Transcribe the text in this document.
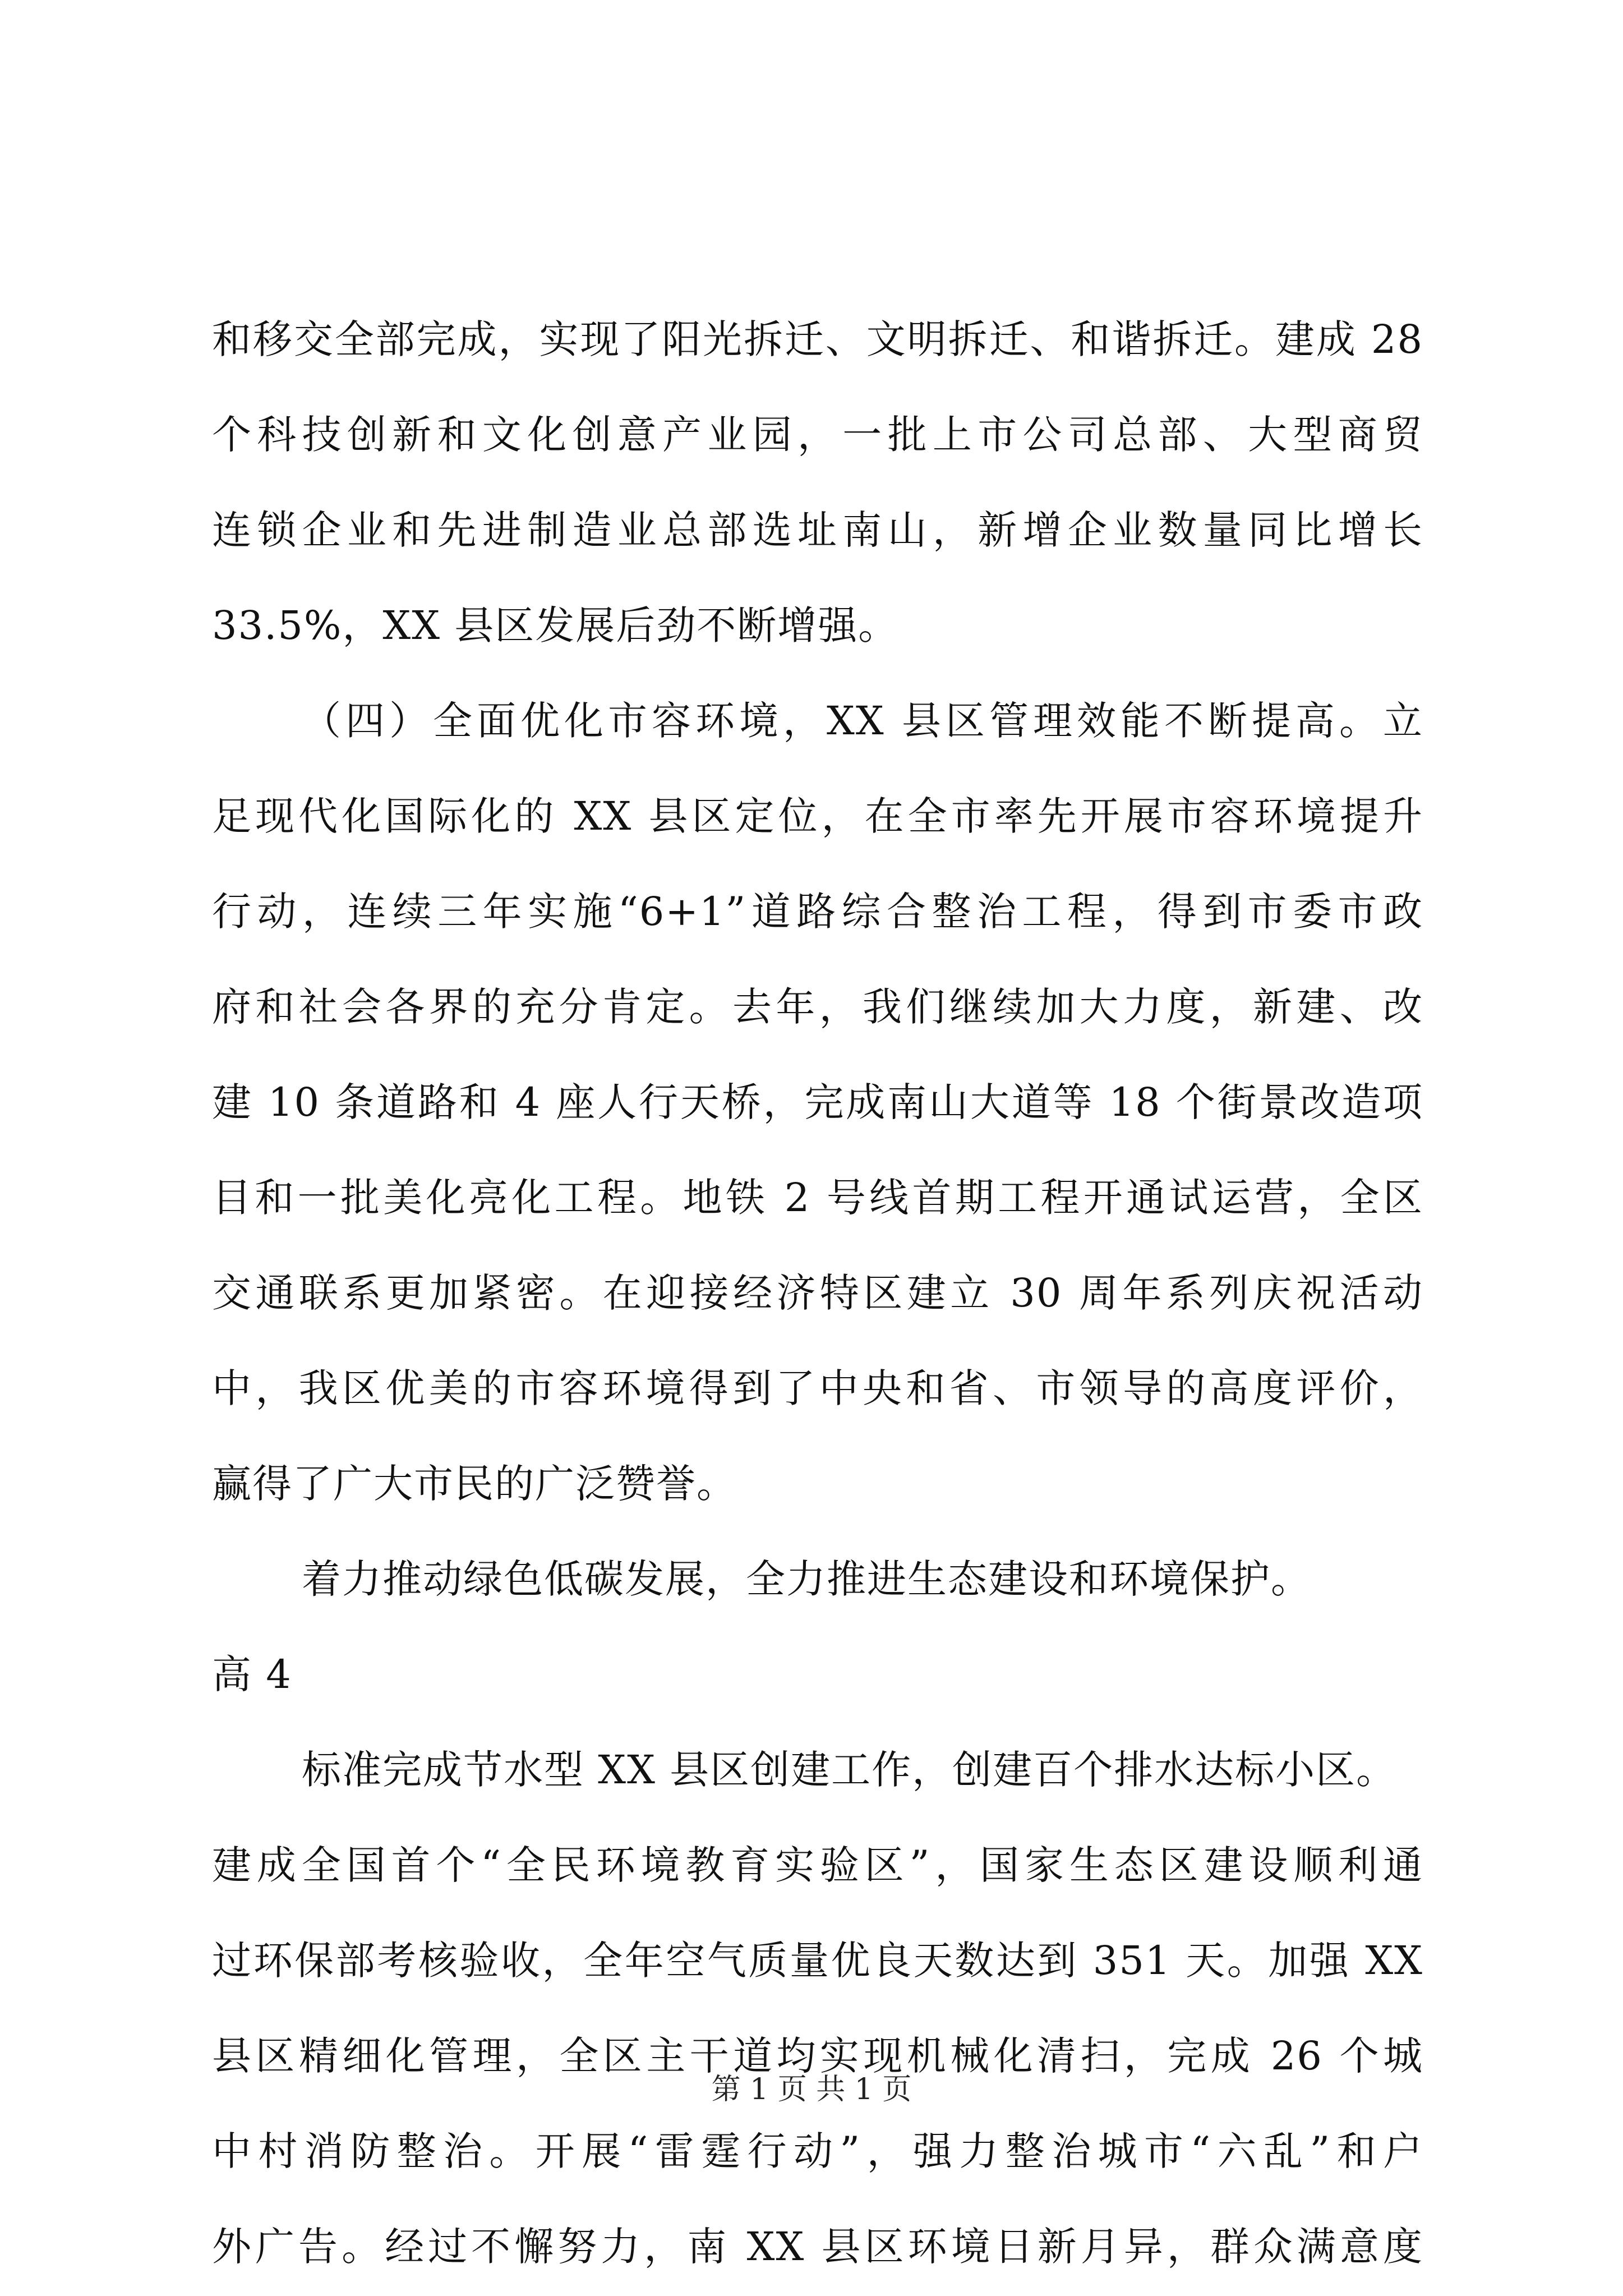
和移交全部完成，实现了阳光拆迁、文明拆迁、和谐拆迁。建成 28
个科技创新和文化创意产业园，一批上市公司总部、大型商贸
连锁企业和先进制造业总部选址南山，新增企业数量同比增长
33.5%，XX 县区发展后劲不断增强。
（四）全面优化市容环境，XX 县区管理效能不断提高。立
足现代化国际化的 XX 县区定位，在全市率先开展市容环境提升
行动，连续三年实施“6+1”道路综合整治工程，得到市委市政
府和社会各界的充分肯定。去年，我们继续加大力度，新建、改
建 10 条道路和 4 座人行天桥，完成南山大道等 18 个街景改造项
目和一批美化亮化工程。地铁 2 号线首期工程开通试运营，全区
交通联系更加紧密。在迎接经济特区建立 30 周年系列庆祝活动
中，我区优美的市容环境得到了中央和省、市领导的高度评价，
赢得了广大市民的广泛赞誉。
着力推动绿色低碳发展，全力推进生态建设和环境保护。
高 4
标准完成节水型 XX 县区创建工作，创建百个排水达标小区。
建成全国首个“全民环境教育实验区”，国家生态区建设顺利通
过环保部考核验收，全年空气质量优良天数达到 351 天。加强 XX
县区精细化管理，全区主干道均实现机械化清扫，完成 26 个城
中村消防整治。开展“雷霆行动”，强力整治城市“六乱”和户
外广告。经过不懈努力，南 XX 县区环境日新月异，群众满意度
第 1 页 共 1 页
